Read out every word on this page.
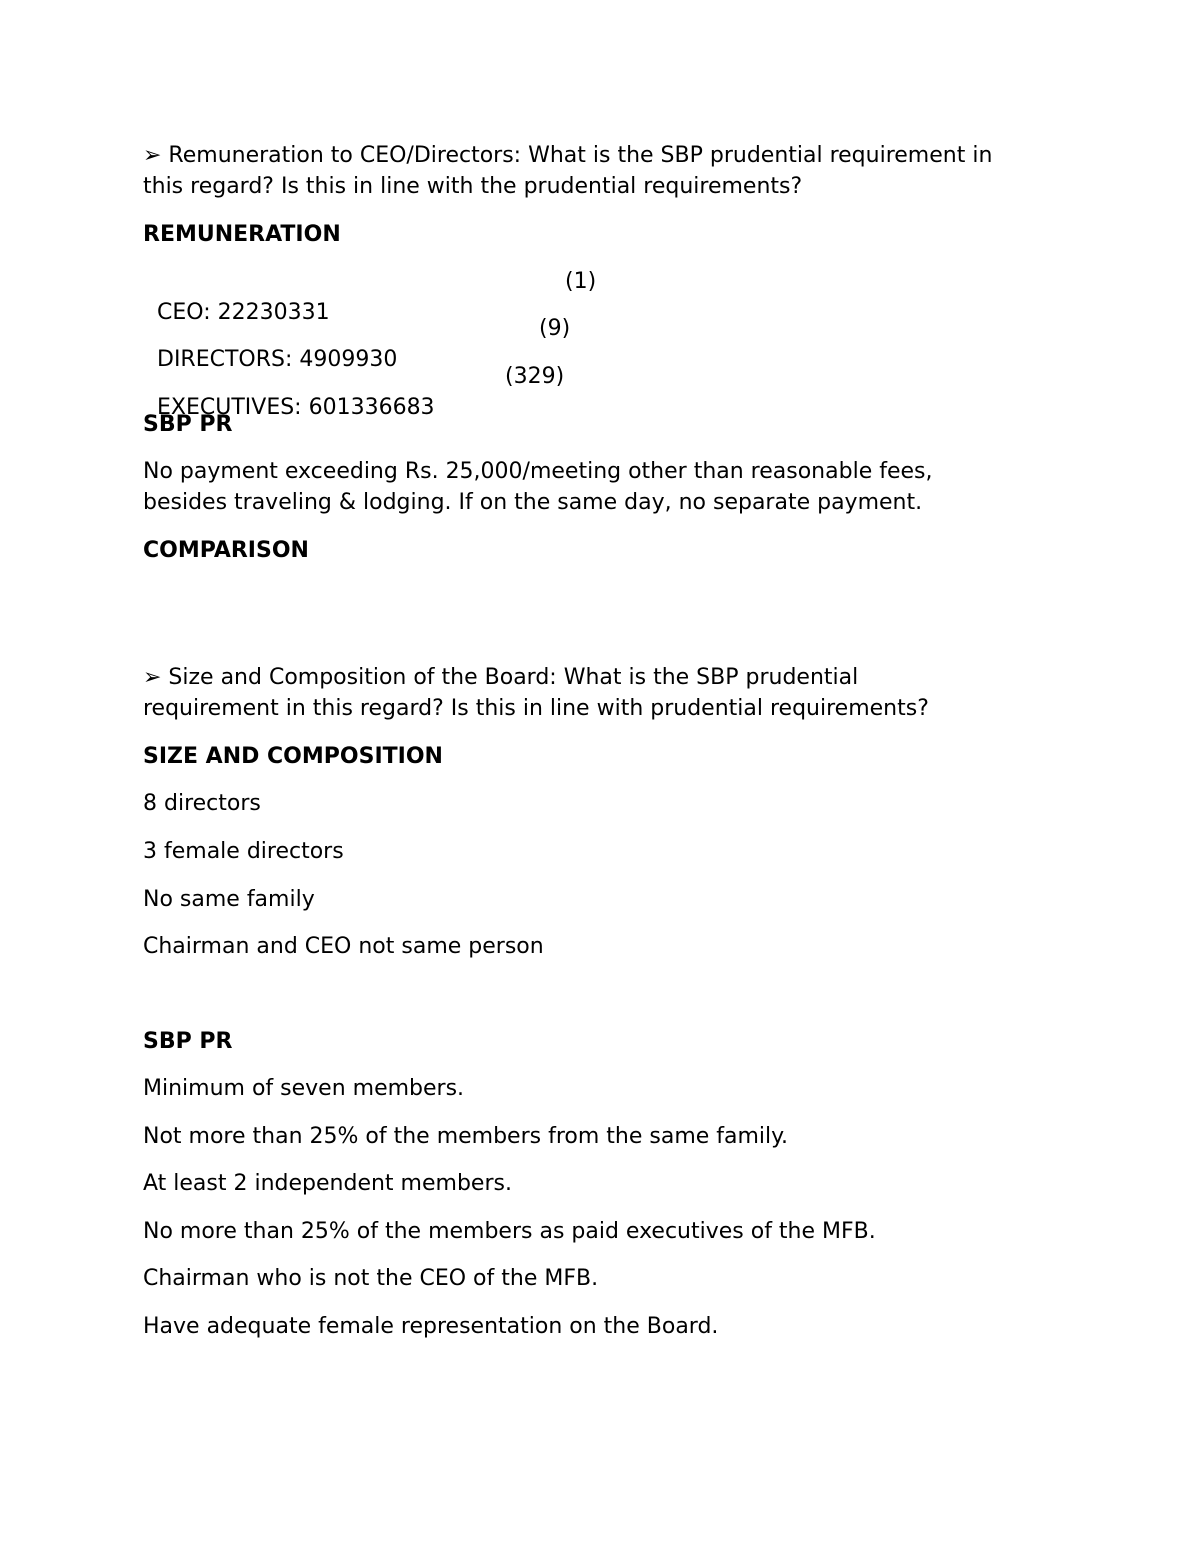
➢ Remuneration to CEO/Directors: What is the SBP prudential requirement in
this regard? Is this in line with the prudential requirements?
REMUNERATION

CEO: 22230331

(1)

DIRECTORS: 4909930

(9)

EXECUTIVES: 601336683

(329)

SBP PR
No payment exceeding Rs. 25,000/meeting other than reasonable fees,
besides traveling & lodging. If on the same day, no separate payment.
COMPARISON
➢ Size and Composition of the Board: What is the SBP prudential
requirement in this regard? Is this in line with prudential requirements?
SIZE AND COMPOSITION
8 directors
3 female directors
No same family
Chairman and CEO not same person
SBP PR
Minimum of seven members.
Not more than 25% of the members from the same family.
At least 2 independent members.
No more than 25% of the members as paid executives of the MFB.
Chairman who is not the CEO of the MFB.
Have adequate female representation on the Board.
